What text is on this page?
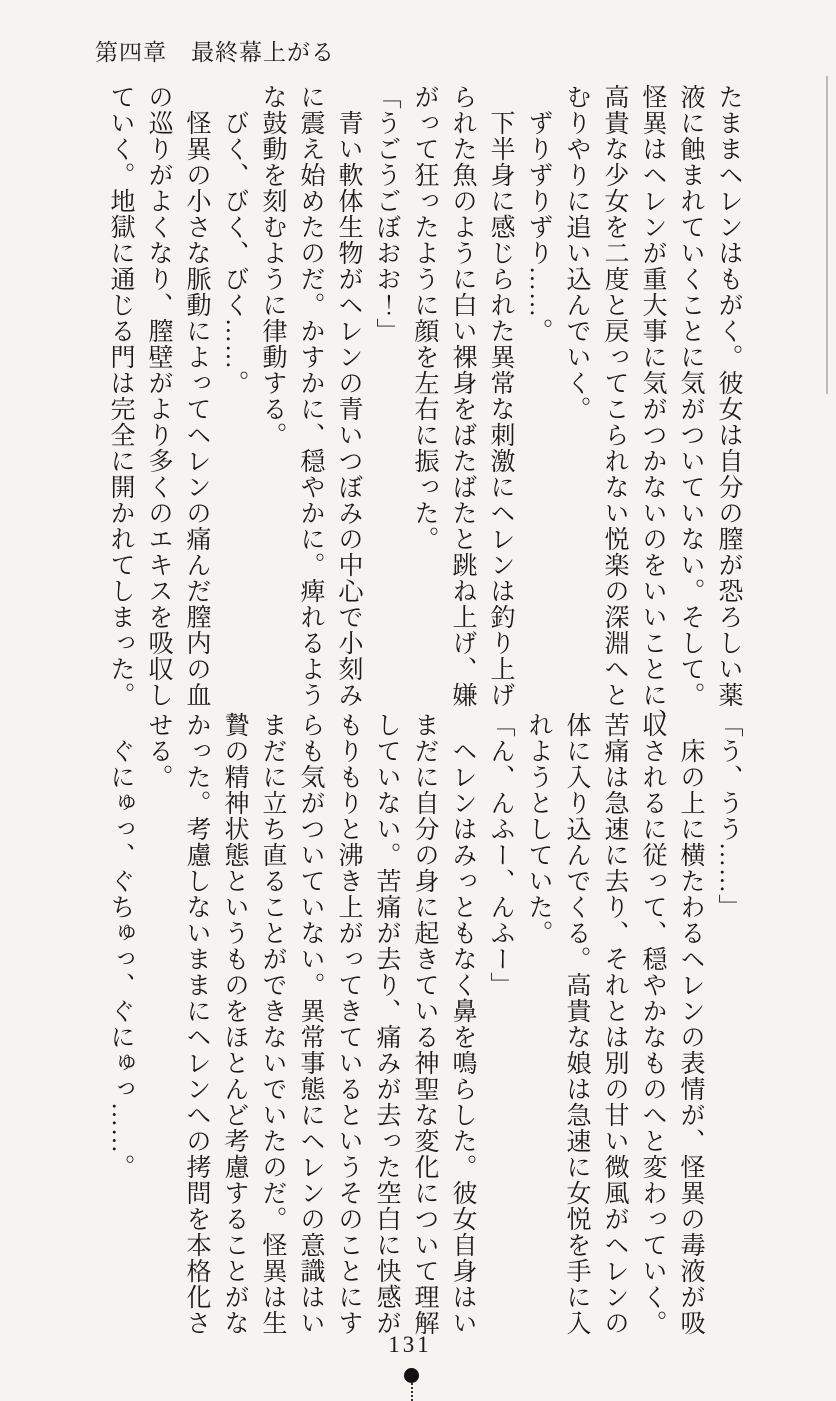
第四章　最終幕上がる
たままヘレンはもがく。彼女は自分の膣が恐ろしい薬
液に蝕まれていくことに気がついていない。そして。
怪異はヘレンが重大事に気がつかないのをいいことに、
高貴な少女を二度と戻ってこられない悦楽の深淵へと
むりやりに追い込んでいく。
　ずりずりずり……。
　下半身に感じられた異常な刺激にヘレンは釣り上げ
られた魚のように白い裸身をばたばたと跳ね上げ、嫌
がって狂ったように顔を左右に振った。
「うごうごぼおお！」
　青い軟体生物がヘレンの青いつぼみの中心で小刻み
に震え始めたのだ。かすかに、穏やかに。痺れるよう
な鼓動を刻むように律動する。
　びく、びく、びく……。
　怪異の小さな脈動によってヘレンの痛んだ膣内の血
の巡りがよくなり、膣壁がより多くのエキスを吸収し
ていく。地獄に通じる門は完全に開かれてしまった。
「う、うう……」
　床の上に横たわるヘレンの表情が、怪異の毒液が吸
収されるに従って、穏やかなものへと変わっていく。
苦痛は急速に去り、それとは別の甘い微風がヘレンの
体に入り込んでくる。高貴な娘は急速に女悦を手に入
れようとしていた。
「ん、んふー、んふー」
　ヘレンはみっともなく鼻を鳴らした。彼女自身はい
まだに自分の身に起きている神聖な変化について理解
していない。苦痛が去り、痛みが去った空白に快感が
もりもりと沸き上がってきているというそのことにす
らも気がついていない。異常事態にヘレンの意識はい
まだに立ち直ることができないでいたのだ。怪異は生
贄の精神状態というものをほとんど考慮することがな
かった。考慮しないままにヘレンへの拷問を本格化さ
せる。
　ぐにゅっ、ぐちゅっ、ぐにゅっ……。
131
